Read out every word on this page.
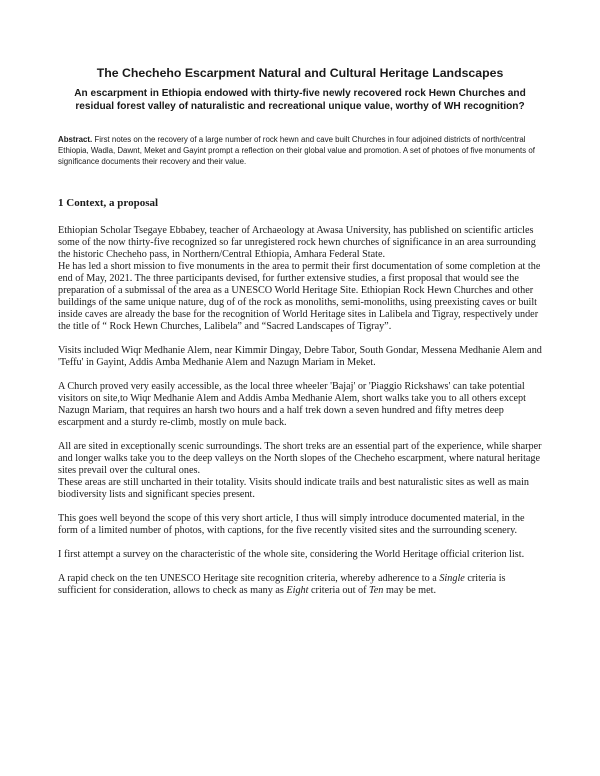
The Checheho Escarpment Natural and Cultural Heritage Landscapes

An escarpment in Ethiopia endowed with thirty-five newly recovered rock Hewn Churches and residual forest valley of naturalistic and recreational unique value, worthy of WH recognition?

Abstract. First notes on the recovery of a large number of rock hewn and cave built Churches in four adjoined districts of north/central Ethiopia, Wadla, Dawnt, Meket and Gayint prompt a reflection on their global value and promotion. A set of photoes of five monuments of significance documents their recovery and their value.

1 Context, a proposal

Ethiopian Scholar Tsegaye Ebbabey, teacher of Archaeology at Awasa University, has published on scientific articles some of the now thirty-five recognized so far unregistered rock hewn churches of significance in an area surrounding the historic Checheho pass, in Northern/Central Ethiopia, Amhara Federal State.

He has led a short mission to five monuments in the area to permit their first documentation of some completion at the end of May, 2021. The three participants devised, for further extensive studies, a first proposal that would see the preparation of a submissal of the area as a UNESCO World Heritage Site. Ethiopian Rock Hewn Churches and other buildings of the same unique nature, dug of of the rock as monoliths, semi-monoliths, using preexisting caves or built inside caves are already the base for the recognition of World Heritage sites in Lalibela and Tigray, respectively under the title of “ Rock Hewn Churches, Lalibela” and “Sacred Landscapes of Tigray”.

Visits included Wiqr Medhanie Alem, near Kimmir Dingay, Debre Tabor, South Gondar, Messena Medhanie Alem and 'Teffu' in Gayint, Addis Amba Medhanie Alem and Nazugn Mariam in Meket.

A Church proved very easily accessible, as the local three wheeler 'Bajaj' or 'Piaggio Rickshaws' can take potential visitors on site,to Wiqr Medhanie Alem and Addis Amba Medhanie Alem, short walks take you to all others except Nazugn Mariam, that requires an harsh two hours and a half trek down a seven hundred and fifty metres deep escarpment and a sturdy re-climb, mostly on mule back.

All are sited in exceptionally scenic surroundings. The short treks are an essential part of the experience, while sharper and longer walks take you to the deep valleys on the North slopes of the Checheho escarpment, where natural heritage sites prevail over the cultural ones.

These areas are still uncharted in their totality. Visits should indicate trails and best naturalistic sites as well as main biodiversity lists and significant species present.

This goes well beyond the scope of this very short article, I thus will simply introduce documented material, in the form of a limited number of photos, with captions, for the five recently visited sites and the surrounding scenery.

I first attempt a survey on the characteristic of the whole site, considering the World Heritage official criterion list.

A rapid check on the ten UNESCO Heritage site recognition criteria, whereby adherence to a Single criteria is sufficient for consideration, allows to check as many as Eight criteria out of Ten may be met.
